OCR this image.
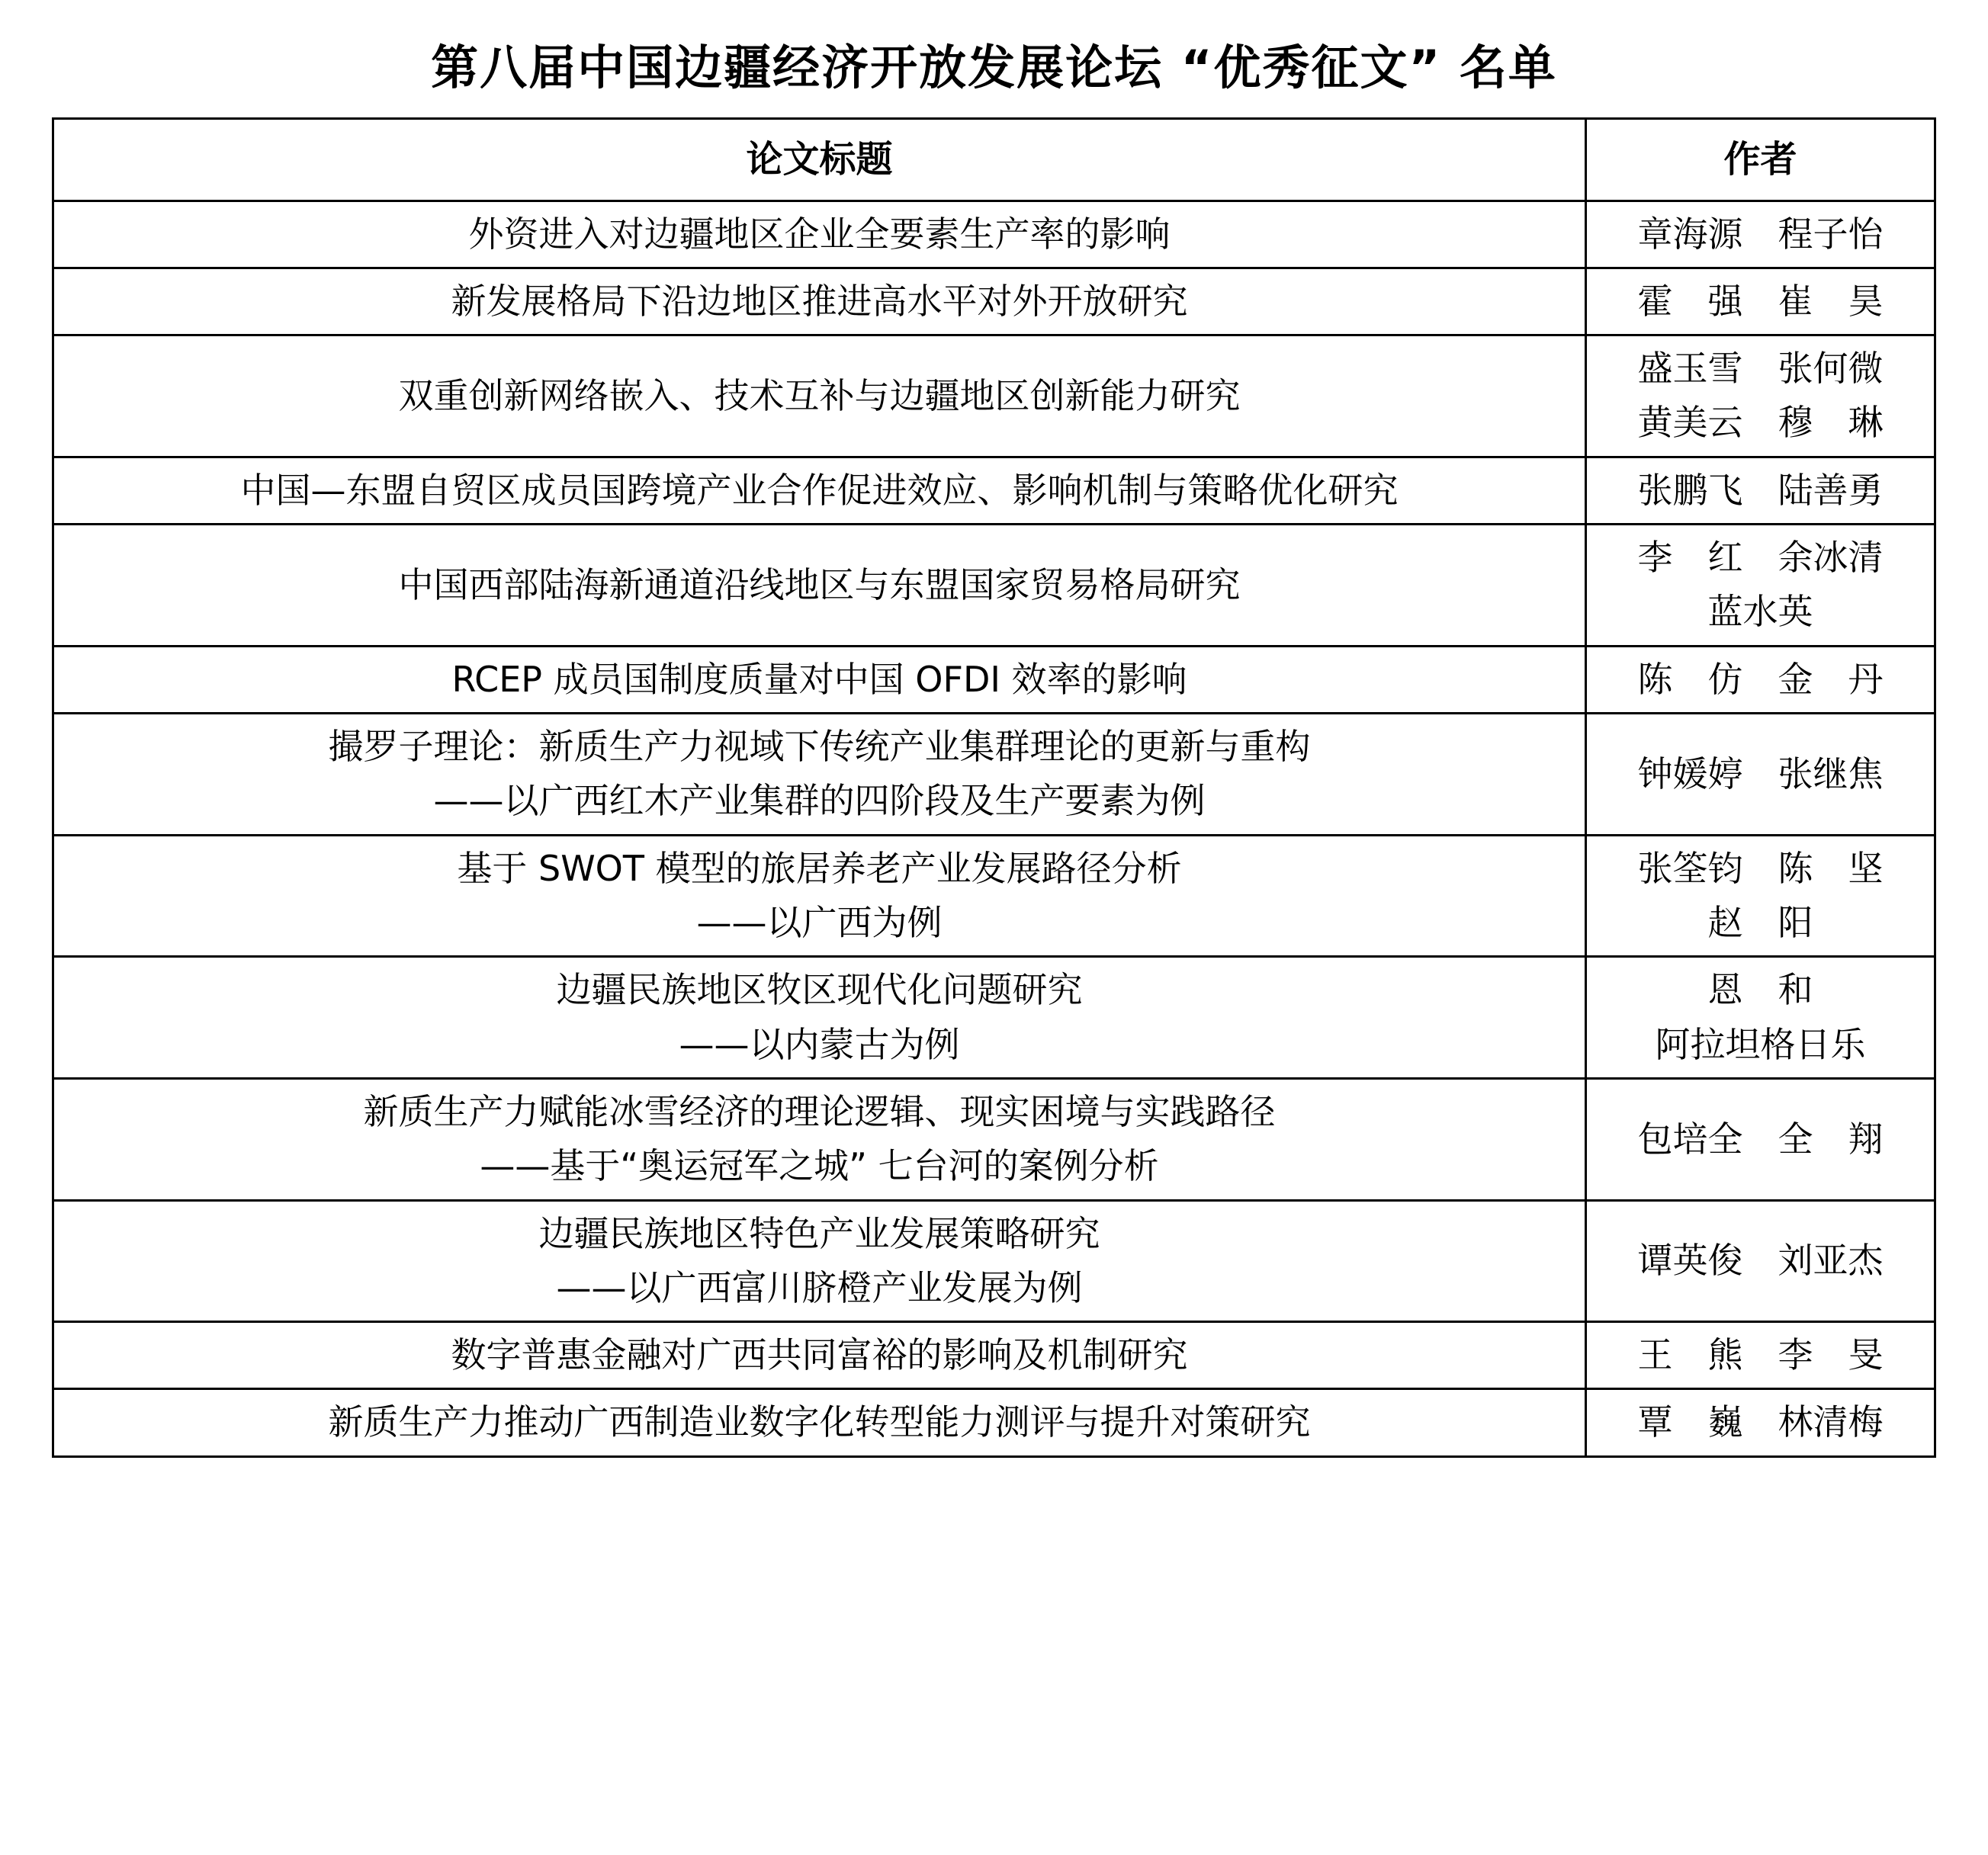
第八届中国边疆经济开放发展论坛 “优秀征文” 名单
论文标题	作者

外资进入对边疆地区企业全要素生产率的影响	章海源　程子怡

新发展格局下沿边地区推进高水平对外开放研究	霍　强　崔　昊

双重创新网络嵌入、技术互补与边疆地区创新能力研究	盛玉雪　张何微
黄美云　穆　琳

中国—东盟自贸区成员国跨境产业合作促进效应、影响机制与策略优化研究	张鹏飞　陆善勇

中国西部陆海新通道沿线地区与东盟国家贸易格局研究	李　红　余冰清
蓝水英

RCEP 成员国制度质量对中国 OFDI 效率的影响	陈　仿　金　丹

撮罗子理论：新质生产力视域下传统产业集群理论的更新与重构
——以广西红木产业集群的四阶段及生产要素为例	钟媛婷　张继焦

基于 SWOT 模型的旅居养老产业发展路径分析
——以广西为例	张筌钧　陈　坚
赵　阳

边疆民族地区牧区现代化问题研究
——以内蒙古为例	恩　和
阿拉坦格日乐

新质生产力赋能冰雪经济的理论逻辑、现实困境与实践路径
——基于“奥运冠军之城” 七台河的案例分析	包培全　全　翔

边疆民族地区特色产业发展策略研究
——以广西富川脐橙产业发展为例	谭英俊　刘亚杰

数字普惠金融对广西共同富裕的影响及机制研究	王　熊　李　旻

新质生产力推动广西制造业数字化转型能力测评与提升对策研究	覃　巍　林清梅
